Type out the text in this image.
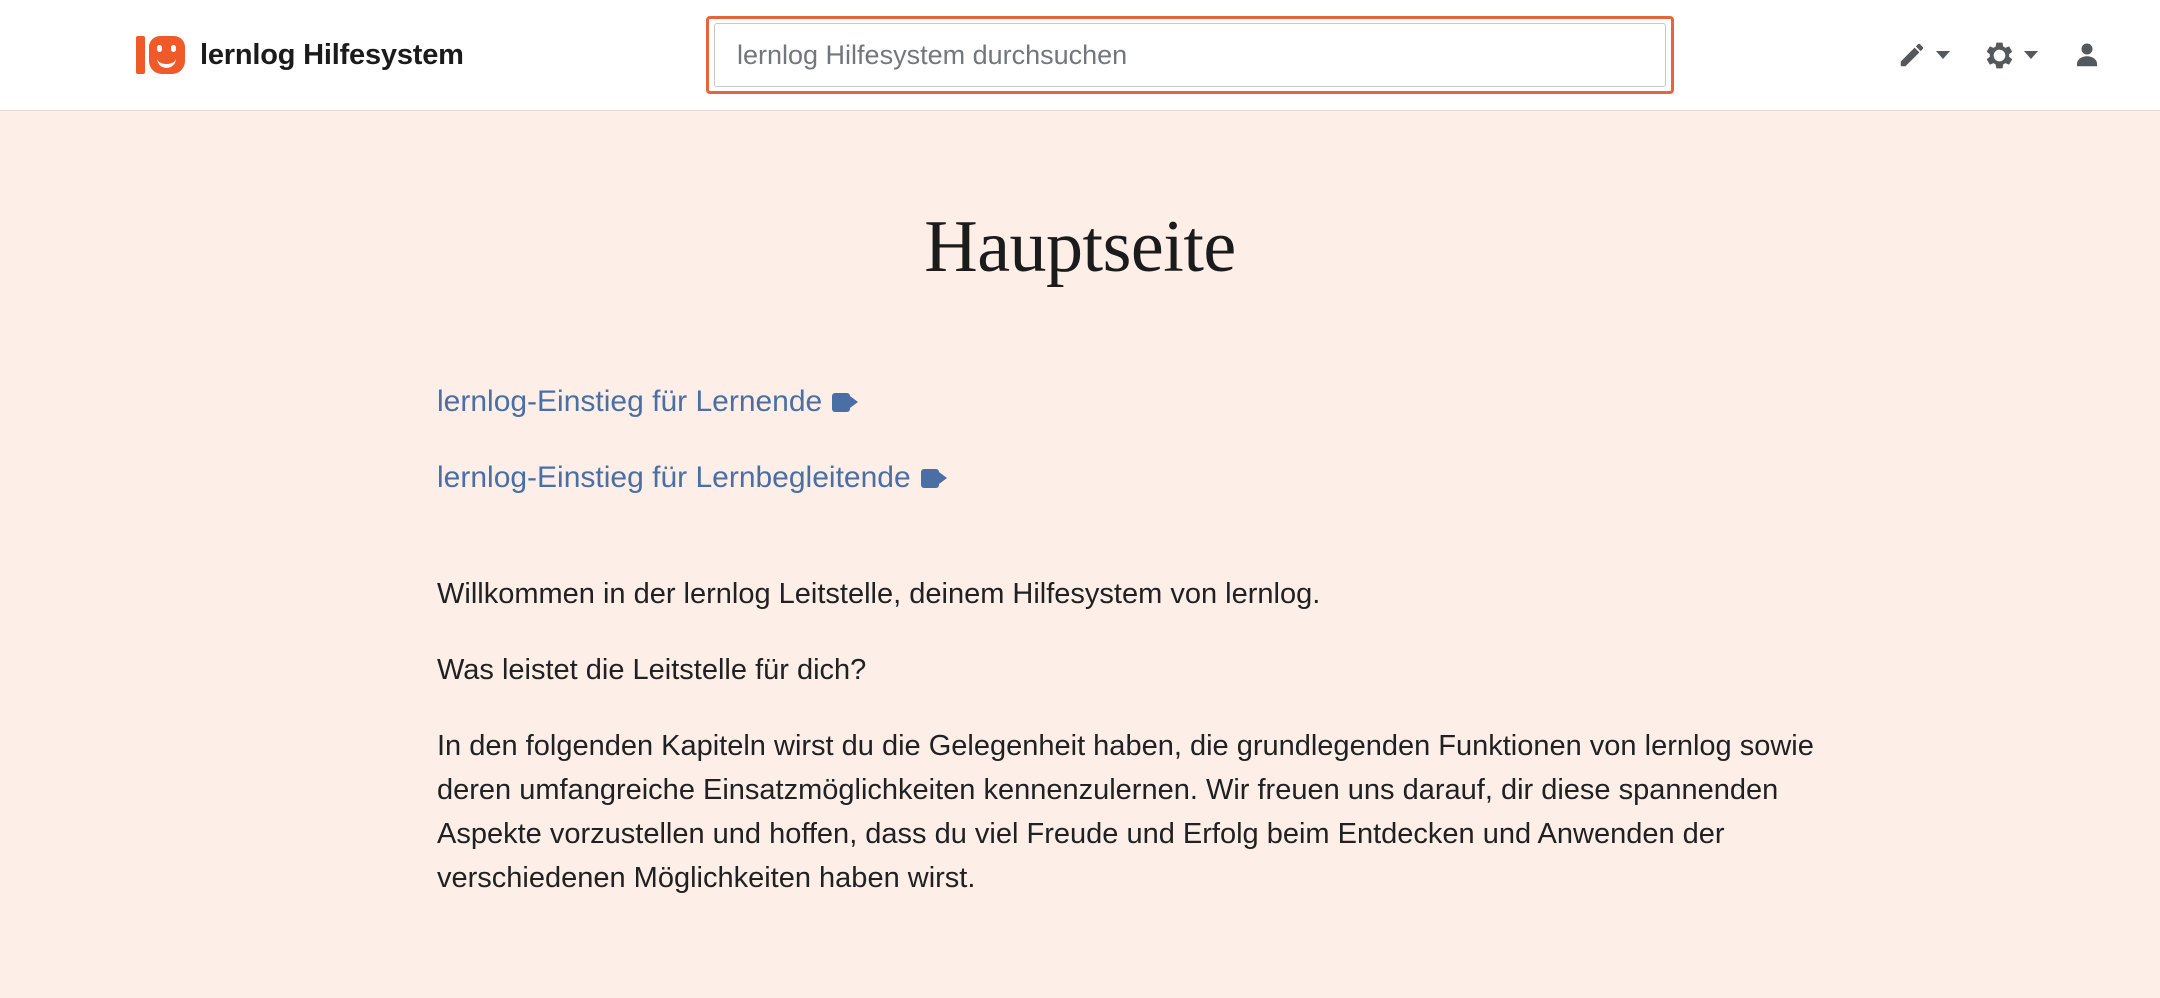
lernlog Hilfesystem
lernlog Hilfesystem durchsuchen
Hauptseite
lernlog-Einstieg für Lernende
lernlog-Einstieg für Lernbegleitende

Willkommen in der lernlog Leitstelle, deinem Hilfesystem von lernlog.

Was leistet die Leitstelle für dich?

In den folgenden Kapiteln wirst du die Gelegenheit haben, die grundlegenden Funktionen von lernlog sowie deren umfangreiche Einsatzmöglichkeiten kennenzulernen. Wir freuen uns darauf, dir diese spannenden Aspekte vorzustellen und hoffen, dass du viel Freude und Erfolg beim Entdecken und Anwenden der verschiedenen Möglichkeiten haben wirst.
